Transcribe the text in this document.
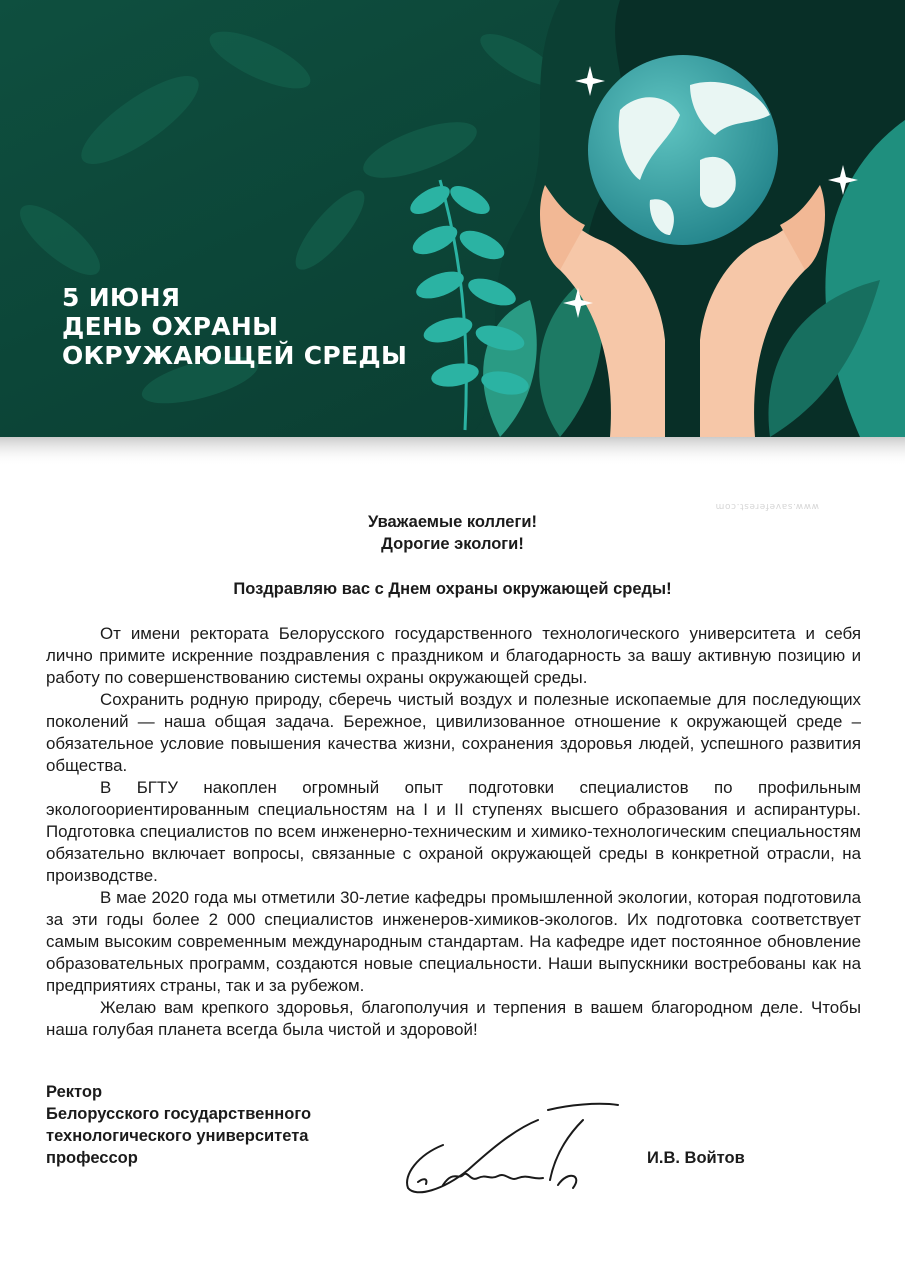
5 ИЮНЯ
ДЕНЬ ОХРАНЫ
ОКРУЖАЮЩЕЙ СРЕДЫ
www.saveferest.com
Уважаемые коллеги!
Дорогие экологи!
Поздравляю вас с Днем охраны окружающей среды!

От имени ректората Белорусского государственного технологического университета и себя лично примите искренние поздравления с праздником и благодарность за вашу активную позицию и работу по совершенствованию системы охраны окружающей среды.

Сохранить родную природу, сберечь чистый воздух и полезные ископаемые для последующих поколений — наша общая задача. Бережное, цивилизованное отношение к окружающей среде – обязательное условие повышения качества жизни, сохранения здоровья людей, успешного развития общества.

В БГТУ накоплен огромный опыт подготовки специалистов по профильным экологоориентированным специальностям на I и II ступенях высшего образования и аспирантуры. Подготовка специалистов по всем инженерно-техническим и химико-технологическим специальностям обязательно включает вопросы, связанные с охраной окружающей среды в конкретной отрасли, на производстве.

В мае 2020 года мы отметили 30-летие кафедры промышленной экологии, которая подготовила за эти годы более 2 000 специалистов инженеров-химиков-экологов. Их подготовка соответствует самым высоким современным международным стандартам. На кафедре идет постоянное обновление образовательных программ, создаются новые специальности. Наши выпускники востребованы как на предприятиях страны, так и за рубежом.

Желаю вам крепкого здоровья, благополучия и терпения в вашем благородном деле. Чтобы наша голубая планета всегда была чистой и здоровой!

Ректор
Белорусского государственного
технологического университета
профессор	И.В. Войтов
